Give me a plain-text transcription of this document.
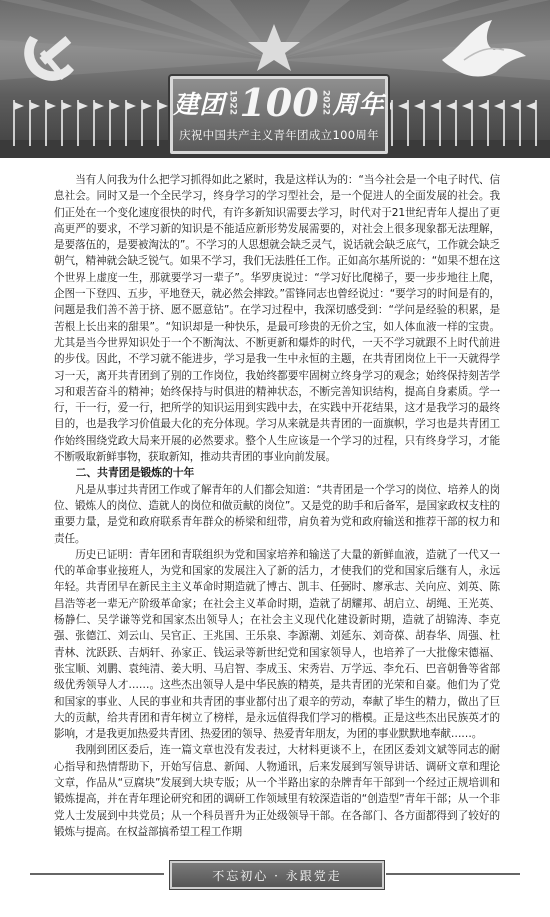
建团 1922 100 2022 周年
庆祝中国共产主义青年团成立100周年

当有人问我为什么把学习抓得如此之紧时，我是这样认为的：“当今社会是一个电子时代、信息社会。同时又是一个全民学习，终身学习的学习型社会，是一个促进人的全面发展的社会。我们正处在一个变化速度很快的时代，有许多新知识需要去学习，时代对于21世纪青年人提出了更高更严的要求，不学习新的知识是不能适应新形势发展需要的，对社会上很多现象都无法理解，是要落伍的，是要被淘汰的”。不学习的人思想就会缺乏灵气，说话就会缺乏底气，工作就会缺乏朝气，精神就会缺乏锐气。如果不学习，我们无法胜任工作。正如高尔基所说的：“如果不想在这个世界上虚度一生，那就要学习一辈子”。华罗庚说过：“学习好比爬梯子，要一步步地往上爬，企图一下登四、五步，平地登天，就必然会摔跤。”雷锋同志也曾经说过：“要学习的时间是有的，问题是我们善不善于挤、愿不愿意钻”。在学习过程中，我深切感受到：“学问是经验的积累，是苦根上长出来的甜果”。“知识却是一种快乐，是最可珍贵的无价之宝，如人体血液一样的宝贵。尤其是当今世界知识处于一个不断淘汰、不断更新和爆炸的时代，一天不学习就跟不上时代前进的步伐。因此，不学习就不能进步，学习是我一生中永恒的主题，在共青团岗位上干一天就得学习一天，离开共青团到了别的工作岗位，我始终都要牢固树立终身学习的观念；始终保持刻苦学习和艰苦奋斗的精神；始终保持与时俱进的精神状态，不断完善知识结构，提高自身素质。学一行，干一行，爱一行，把所学的知识运用到实践中去，在实践中开花结果，这才是我学习的最终目的，也是我学习价值最大化的充分体现。学习从来就是共青团的一面旗帜，学习也是共青团工作始终围绕党政大局来开展的必然要求。整个人生应该是一个学习的过程，只有终身学习，才能不断吸取新鲜事物，获取新知，推动共青团的事业向前发展。

二、共青团是锻炼的十年

凡是从事过共青团工作或了解青年的人们都会知道：“共青团是一个学习的岗位、培养人的岗位、锻炼人的岗位、造就人的岗位和做贡献的岗位”。又是党的助手和后备军，是国家政权支柱的重要力量，是党和政府联系青年群众的桥梁和纽带，肩负着为党和政府输送和推荐干部的权力和责任。

历史已证明：青年团和青联组织为党和国家培养和输送了大量的新鲜血液，造就了一代又一代的革命事业接班人，为党和国家的发展注入了新的活力，才使我们的党和国家后继有人，永远年轻。共青团早在新民主主义革命时期造就了博古、凯丰、任弼时、廖承志、关向应、刘英、陈昌浩等老一辈无产阶级革命家；在社会主义革命时期，造就了胡耀邦、胡启立、胡绳、王光英、杨静仁、吴学谦等党和国家杰出领导人；在社会主义现代化建设新时期，造就了胡锦涛、李克强、张德江、刘云山、吴官正、王兆国、王乐泉、李源潮、刘延东、刘奇葆、胡春华、周强、杜青林、沈跃跃、吉炳轩、孙家正、钱运录等新世纪党和国家领导人，也培养了一大批像宋德福、张宝顺、刘鹏、袁纯清、姜大明、马启智、李成玉、宋秀岩、万学远、李允石、巴音朝鲁等省部级优秀领导人才……。这些杰出领导人是中华民族的精英，是共青团的光荣和自豪。他们为了党和国家的事业、人民的事业和共青团的事业都付出了艰辛的劳动，奉献了毕生的精力，做出了巨大的贡献，给共青团和青年树立了榜样，是永远值得我们学习的楷模。正是这些杰出民族英才的影响，才是我更加热爱共青团、热爱团的领导、热爱青年朋友，为团的事业默默地奉献……。

我刚到团区委后，连一篇文章也没有发表过，大材料更谈不上，在团区委刘文斌等同志的耐心指导和热情帮助下，开始写信息、新闻、人物通讯，后来发展到写领导讲话、调研文章和理论文章，作品从“豆腐块”发展到大块专版；从一个半路出家的杂牌青年干部到一个经过正规培训和锻炼提高，并在青年理论研究和团的调研工作领域里有较深造诣的“创造型”青年干部；从一个非党人士发展到中共党员；从一个科员晋升为正处级领导干部。在各部门、各方面都得到了较好的锻炼与提高。在权益部搞希望工程工作期

不忘初心 · 永跟党走
